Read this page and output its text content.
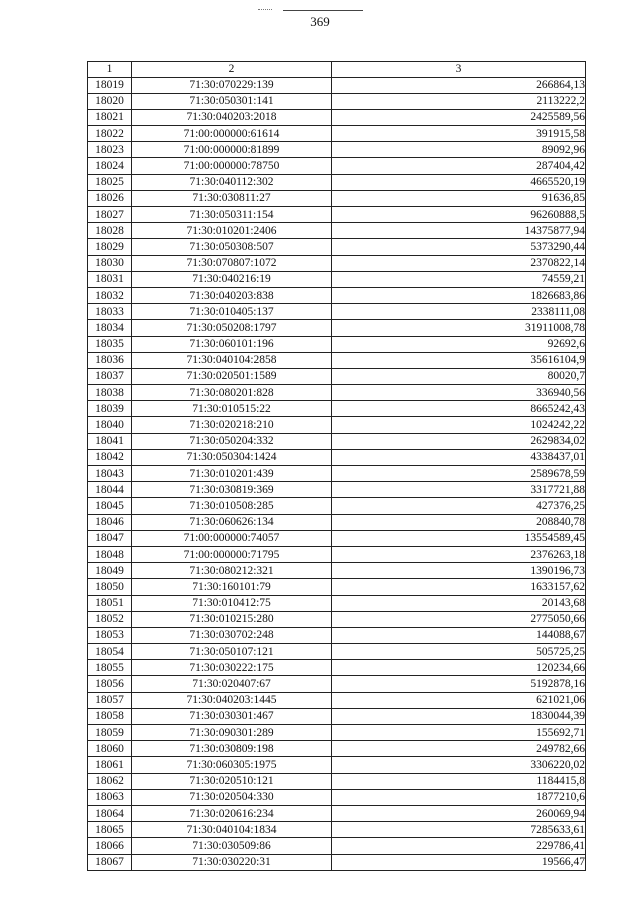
369
1	2	3
18019	71:30:070229:139	266864,13
18020	71:30:050301:141	2113222,2
18021	71:30:040203:2018	2425589,56
18022	71:00:000000:61614	391915,58
18023	71:00:000000:81899	89092,96
18024	71:00:000000:78750	287404,42
18025	71:30:040112:302	4665520,19
18026	71:30:030811:27	91636,85
18027	71:30:050311:154	96260888,5
18028	71:30:010201:2406	14375877,94
18029	71:30:050308:507	5373290,44
18030	71:30:070807:1072	2370822,14
18031	71:30:040216:19	74559,21
18032	71:30:040203:838	1826683,86
18033	71:30:010405:137	2338111,08
18034	71:30:050208:1797	31911008,78
18035	71:30:060101:196	92692,6
18036	71:30:040104:2858	35616104,9
18037	71:30:020501:1589	80020,7
18038	71:30:080201:828	336940,56
18039	71:30:010515:22	8665242,43
18040	71:30:020218:210	1024242,22
18041	71:30:050204:332	2629834,02
18042	71:30:050304:1424	4338437,01
18043	71:30:010201:439	2589678,59
18044	71:30:030819:369	3317721,88
18045	71:30:010508:285	427376,25
18046	71:30:060626:134	208840,78
18047	71:00:000000:74057	13554589,45
18048	71:00:000000:71795	2376263,18
18049	71:30:080212:321	1390196,73
18050	71:30:160101:79	1633157,62
18051	71:30:010412:75	20143,68
18052	71:30:010215:280	2775050,66
18053	71:30:030702:248	144088,67
18054	71:30:050107:121	505725,25
18055	71:30:030222:175	120234,66
18056	71:30:020407:67	5192878,16
18057	71:30:040203:1445	621021,06
18058	71:30:030301:467	1830044,39
18059	71:30:090301:289	155692,71
18060	71:30:030809:198	249782,66
18061	71:30:060305:1975	3306220,02
18062	71:30:020510:121	1184415,8
18063	71:30:020504:330	1877210,6
18064	71:30:020616:234	260069,94
18065	71:30:040104:1834	7285633,61
18066	71:30:030509:86	229786,41
18067	71:30:030220:31	19566,47
